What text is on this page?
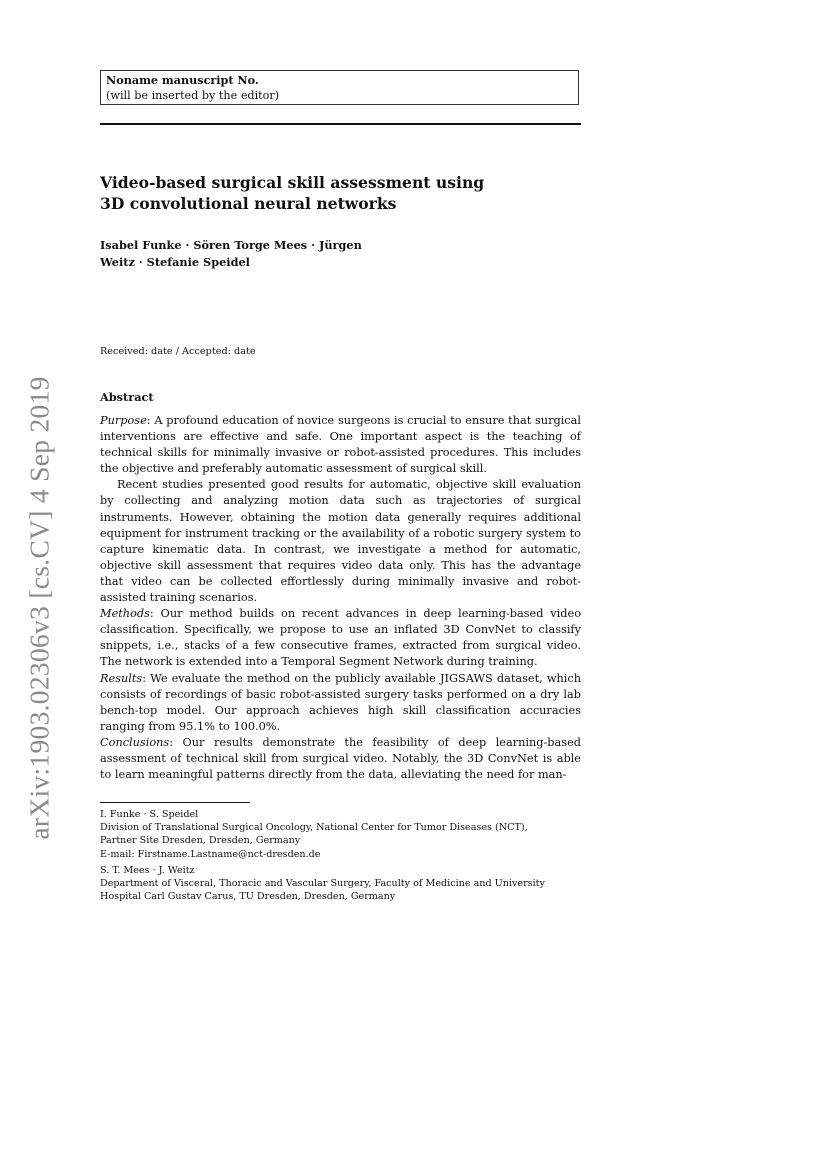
arXiv:1903.02306v3 [cs.CV] 4 Sep 2019
Noname manuscript No.
(will be inserted by the editor)
Video-based surgical skill assessment using
3D convolutional neural networks
Isabel Funke · Sören Torge Mees · Jürgen
Weitz · Stefanie Speidel
Received: date / Accepted: date
Abstract

Purpose: A profound education of novice surgeons is crucial to ensure that surgical interventions are effective and safe. One important aspect is the teaching of technical skills for minimally invasive or robot-assisted procedures. This includes the objective and preferably automatic assessment of surgical skill.

Recent studies presented good results for automatic, objective skill evaluation by collecting and analyzing motion data such as trajectories of surgical instruments. However, obtaining the motion data generally requires additional equipment for instrument tracking or the availability of a robotic surgery system to capture kinematic data. In contrast, we investigate a method for automatic, objective skill assessment that requires video data only. This has the advantage that video can be collected effortlessly during minimally invasive and robot-assisted training scenarios.

Methods: Our method builds on recent advances in deep learning-based video classification. Specifically, we propose to use an inflated 3D ConvNet to classify snippets, i.e., stacks of a few consecutive frames, extracted from surgical video. The network is extended into a Temporal Segment Network during training.

Results: We evaluate the method on the publicly available JIGSAWS dataset, which consists of recordings of basic robot-assisted surgery tasks performed on a dry lab bench-top model. Our approach achieves high skill classification accuracies ranging from 95.1% to 100.0%.

Conclusions: Our results demonstrate the feasibility of deep learning-based assessment of technical skill from surgical video. Notably, the 3D ConvNet is able to learn meaningful patterns directly from the data, alleviating the need for man-

I. Funke · S. Speidel
Division of Translational Surgical Oncology, National Center for Tumor Diseases (NCT),
Partner Site Dresden, Dresden, Germany
E-mail: Firstname.Lastname@nct-dresden.de
S. T. Mees · J. Weitz
Department of Visceral, Thoracic and Vascular Surgery, Faculty of Medicine and University
Hospital Carl Gustav Carus, TU Dresden, Dresden, Germany
